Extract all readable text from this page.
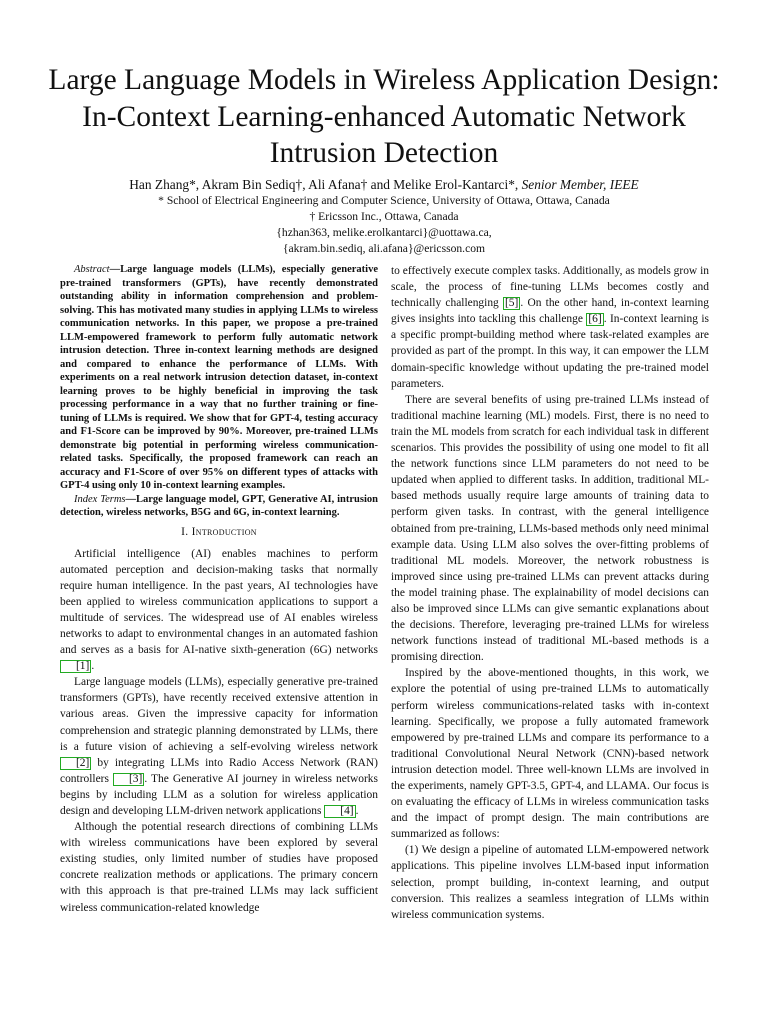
Large Language Models in Wireless Application Design: In-Context Learning-enhanced Automatic Network Intrusion Detection
Han Zhang*, Akram Bin Sediq†, Ali Afana† and Melike Erol-Kantarci*, Senior Member, IEEE
* School of Electrical Engineering and Computer Science, University of Ottawa, Ottawa, Canada
† Ericsson Inc., Ottawa, Canada
{hzhan363, melike.erolkantarci}@uottawa.ca,
{akram.bin.sediq, ali.afana}@ericsson.com

Abstract—Large language models (LLMs), especially generative pre-trained transformers (GPTs), have recently demonstrated outstanding ability in information comprehension and problem-solving. This has motivated many studies in applying LLMs to wireless communication networks. In this paper, we propose a pre-trained LLM-empowered framework to perform fully automatic network intrusion detection. Three in-context learning methods are designed and compared to enhance the performance of LLMs. With experiments on a real network intrusion detection dataset, in-context learning proves to be highly beneficial in improving the task processing performance in a way that no further training or fine-tuning of LLMs is required. We show that for GPT-4, testing accuracy and F1-Score can be improved by 90%. Moreover, pre-trained LLMs demonstrate big potential in performing wireless communication-related tasks. Specifically, the proposed framework can reach an accuracy and F1-Score of over 95% on different types of attacks with GPT-4 using only 10 in-context learning examples.

Index Terms—Large language model, GPT, Generative AI, intrusion detection, wireless networks, B5G and 6G, in-context learning.

I. Introduction

Artificial intelligence (AI) enables machines to perform automated perception and decision-making tasks that normally require human intelligence. In the past years, AI technologies have been applied to wireless communication applications to support a multitude of services. The widespread use of AI enables wireless networks to adapt to environmental changes in an automated fashion and serves as a basis for AI-native sixth-generation (6G) networks [1] .

Large language models (LLMs), especially generative pre-trained transformers (GPTs), have recently received extensive attention in various areas. Given the impressive capacity for information comprehension and strategic planning demonstrated by LLMs, there is a future vision of achieving a self-evolving wireless network [2] by integrating LLMs into Radio Access Network (RAN) controllers [3] . The Generative AI journey in wireless networks begins by including LLM as a solution for wireless application design and developing LLM-driven network applications [4] .

Although the potential research directions of combining LLMs with wireless communications have been explored by several existing studies, only limited number of studies have proposed concrete realization methods or applications. The primary concern with this approach is that pre-trained LLMs may lack sufficient wireless communication-related knowledge

to effectively execute complex tasks. Additionally, as models grow in scale, the process of fine-tuning LLMs becomes costly and technically challenging [5] . On the other hand, in-context learning gives insights into tackling this challenge [6] . In-context learning is a specific prompt-building method where task-related examples are provided as part of the prompt. In this way, it can empower the LLM domain-specific knowledge without updating the pre-trained model parameters.

There are several benefits of using pre-trained LLMs instead of traditional machine learning (ML) models. First, there is no need to train the ML models from scratch for each individual task in different scenarios. This provides the possibility of using one model to fit all the network functions since LLM parameters do not need to be updated when applied to different tasks. In addition, traditional ML-based methods usually require large amounts of training data to perform given tasks. In contrast, with the general intelligence obtained from pre-training, LLMs-based methods only need minimal example data. Using LLM also solves the over-fitting problems of traditional ML models. Moreover, the network robustness is improved since using pre-trained LLMs can prevent attacks during the model training phase. The explainability of model decisions can also be improved since LLMs can give semantic explanations about the decisions. Therefore, leveraging pre-trained LLMs for wireless network functions instead of traditional ML-based methods is a promising direction.

Inspired by the above-mentioned thoughts, in this work, we explore the potential of using pre-trained LLMs to automatically perform wireless communications-related tasks with in-context learning. Specifically, we propose a fully automated framework empowered by pre-trained LLMs and compare its performance to a traditional Convolutional Neural Network (CNN)-based network intrusion detection model. Three well-known LLMs are involved in the experiments, namely GPT-3.5, GPT-4, and LLAMA. Our focus is on evaluating the efficacy of LLMs in wireless communication tasks and the impact of prompt design. The main contributions are summarized as follows:

(1) We design a pipeline of automated LLM-empowered network applications. This pipeline involves LLM-based input information selection, prompt building, in-context learning, and output conversion. This realizes a seamless integration of LLMs within wireless communication systems.
